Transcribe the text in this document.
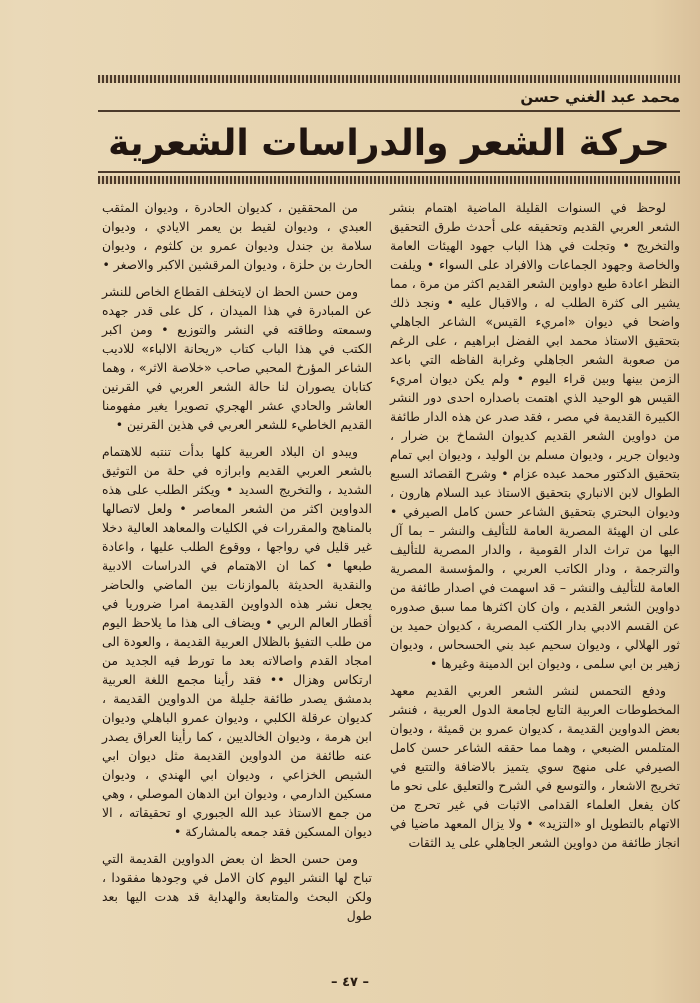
محمد عبد الغني حسن
حركة الشعر والدراسات الشعرية

لوحظ في السنوات القليلة الماضية اهتمام بنشر الشعر العربي القديم وتحقيقه على أحدث طرق التحقيق والتخريج • وتجلت في هذا الباب جهود الهيئات العامة والخاصة وجهود الجماعات والافراد على السواء • ويلفت النظر اعادة طبع دواوين الشعر القديم اكثر من مرة ، مما يشير الى كثرة الطلب له ، والاقبال عليه • ونجد ذلك واضحا في ديوان «امريء القيس» الشاعر الجاهلي بتحقيق الاستاذ محمد ابي الفضل ابراهيم ، على الرغم من صعوبة الشعر الجاهلي وغرابة الفاظه التي باعد الزمن بينها وبين قراء اليوم • ولم يكن ديوان امريء القيس هو الوحيد الذي اهتمت باصداره احدى دور النشر الكبيرة القديمة في مصر ، فقد صدر عن هذه الدار طائفة من دواوين الشعر القديم كديوان الشماخ بن ضرار ، وديوان جرير ، وديوان مسلم بن الوليد ، وديوان ابي تمام بتحقيق الدكتور محمد عبده عزام • وشرح القصائد السبع الطوال لابن الانباري بتحقيق الاستاذ عبد السلام هارون ، وديوان البحتري بتحقيق الشاعر حسن كامل الصيرفي • على ان الهيئة المصرية العامة للتأليف والنشر – بما آل اليها من تراث الدار القومية ، والدار المصرية للتأليف والترجمة ، ودار الكاتب العربي ، والمؤسسة المصرية العامة للتأليف والنشر – قد اسهمت في اصدار طائفة من دواوين الشعر القديم ، وان كان اكثرها مما سبق صدوره عن القسم الادبي بدار الكتب المصرية ، كديوان حميد بن ثور الهلالي ، وديوان سحيم عبد بني الحسحاس ، وديوان زهير بن ابي سلمى ، وديوان ابن الدمينة وغيرها •

ودفع التحمس لنشر الشعر العربي القديم معهد المخطوطات العربية التابع لجامعة الدول العربية ، فنشر بعض الدواوين القديمة ، كديوان عمرو بن قميئة ، وديوان المتلمس الضبعي ، وهما مما حققه الشاعر حسن كامل الصيرفي على منهج سوي يتميز بالاضافة والتتبع في تخريج الاشعار ، والتوسع في الشرح والتعليق على نحو ما كان يفعل العلماء القدامى الاثبات في غير تحرج من الاتهام بالتطويل او «التزيد» • ولا يزال المعهد ماضيا في انجاز طائفة من دواوين الشعر الجاهلي على يد الثقات

من المحققين ، كديوان الحادرة ، وديوان المثقب العبدي ، وديوان لقيط بن يعمر الايادي ، وديوان سلامة بن جندل وديوان عمرو بن كلثوم ، وديوان الحارث بن حلزة ، وديوان المرقشين الاكبر والاصغر •

ومن حسن الحظ ان لايتخلف القطاع الخاص للنشر عن المبادرة في هذا الميدان ، كل على قدر جهده وسمعته وطاقته في النشر والتوزيع • ومن اكبر الكتب في هذا الباب كتاب «ريحانة الالباء» للاديب الشاعر المؤرخ المحبي صاحب «خلاصة الاثر» ، وهما كتابان يصوران لنا حالة الشعر العربي في القرنين العاشر والحادي عشر الهجري تصويرا يغير مفهومنا القديم الخاطيء للشعر العربي في هذين القرنين •

ويبدو ان البلاد العربية كلها بدأت تنتبه للاهتمام بالشعر العربي القديم وابرازه في حلة من التوثيق الشديد ، والتخريج السديد • ويكثر الطلب على هذه الدواوين اكثر من الشعر المعاصر • ولعل لاتصالها بالمناهج والمقررات في الكليات والمعاهد العالية دخلا غير قليل في رواجها ، ووقوع الطلب عليها ، واعادة طبعها • كما ان الاهتمام في الدراسات الادبية والنقدية الحديثة بالموازنات بين الماضي والحاضر يجعل نشر هذه الدواوين القديمة امرا ضروريا في أقطار العالم الربي • ويضاف الى هذا ما يلاحظ اليوم من طلب التفيؤ بالظلال العربية القديمة ، والعودة الى امجاد القدم واصالاته بعد ما تورط فيه الجديد من ارتكاس وهزال •• فقد رأينا مجمع اللغة العربية بدمشق يصدر طائفة جليلة من الدواوين القديمة ، كديوان عرقلة الكلبي ، وديوان عمرو الباهلي وديوان ابن هرمة ، وديوان الخالديين ، كما رأينا العراق يصدر عنه طائفة من الدواوين القديمة مثل ديوان ابي الشيص الخزاعي ، وديوان ابي الهندي ، وديوان مسكين الدارمي ، وديوان ابن الدهان الموصلي ، وهي من جمع الاستاذ عبد الله الجبوري او تحقيقاته ، الا ديوان المسكين فقد جمعه بالمشاركة •

ومن حسن الحظ ان بعض الدواوين القديمة التي تباح لها النشر اليوم كان الامل في وجودها مفقودا ، ولكن البحث والمتابعة والهداية قد هدت اليها بعد طول

– ٤٧ –
